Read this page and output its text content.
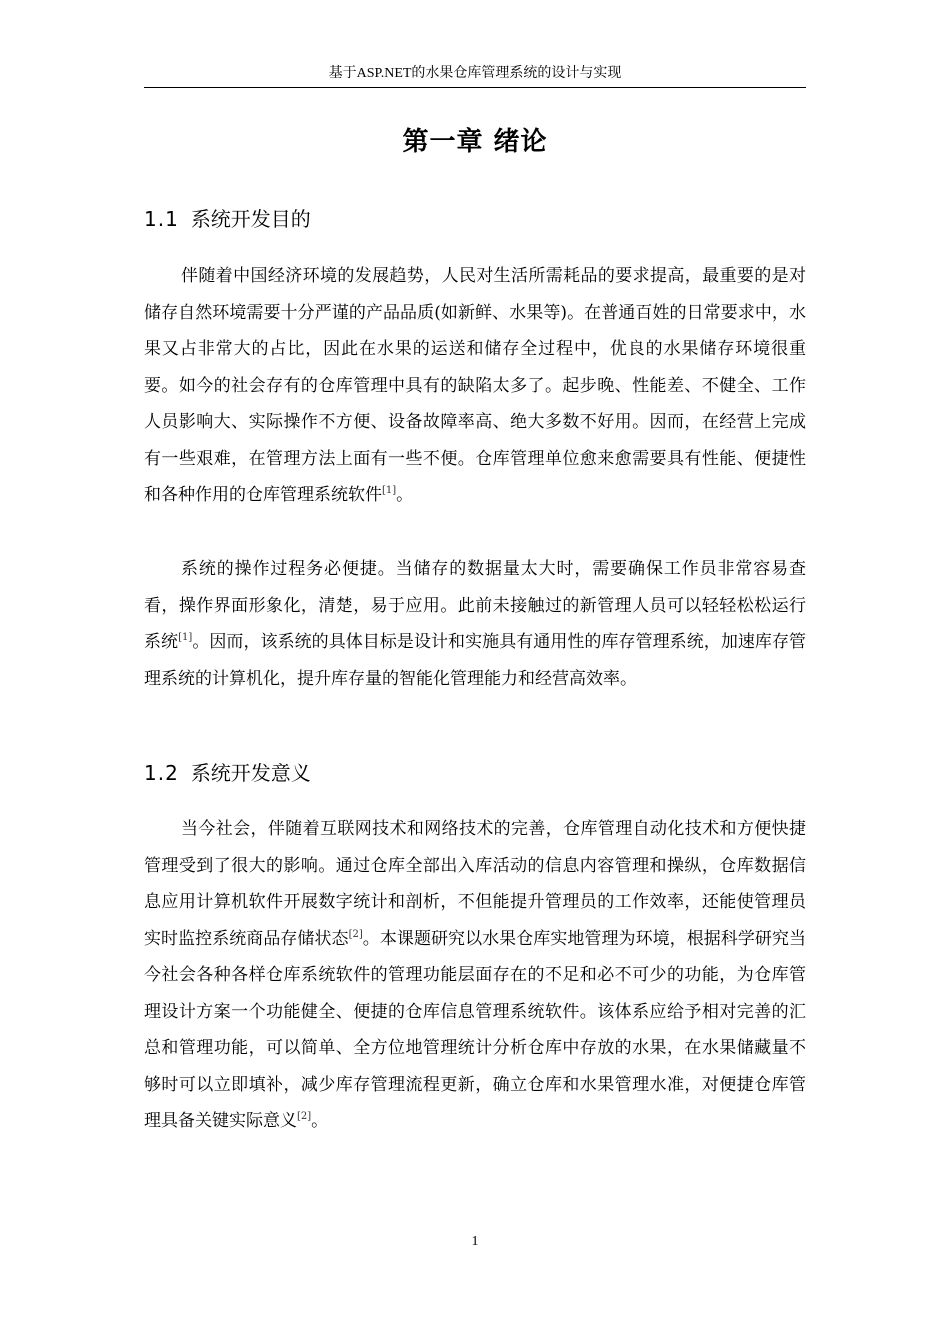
基于ASP.NET的水果仓库管理系统的设计与实现
第一章 绪论
1.1 系统开发目的

伴随着中国经济环境的发展趋势，人民对生活所需耗品的要求提高，最重要的是对储存自然环境需要十分严谨的产品品质(如新鲜、水果等)。在普通百姓的日常要求中，水果又占非常大的占比，因此在水果的运送和储存全过程中，优良的水果储存环境很重要。如今的社会存有的仓库管理中具有的缺陷太多了。起步晚、性能差、不健全、工作人员影响大、实际操作不方便、设备故障率高、绝大多数不好用。因而，在经营上完成有一些艰难，在管理方法上面有一些不便。仓库管理单位愈来愈需要具有性能、便捷性和各种作用的仓库管理系统软件[1]。

系统的操作过程务必便捷。当储存的数据量太大时，需要确保工作员非常容易查看，操作界面形象化，清楚，易于应用。此前未接触过的新管理人员可以轻轻松松运行系统[1]。因而，该系统的具体目标是设计和实施具有通用性的库存管理系统，加速库存管理系统的计算机化，提升库存量的智能化管理能力和经营高效率。

1.2 系统开发意义

当今社会，伴随着互联网技术和网络技术的完善，仓库管理自动化技术和方便快捷管理受到了很大的影响。通过仓库全部出入库活动的信息内容管理和操纵，仓库数据信息应用计算机软件开展数字统计和剖析，不但能提升管理员的工作效率，还能使管理员实时监控系统商品存储状态[2]。本课题研究以水果仓库实地管理为环境，根据科学研究当今社会各种各样仓库系统软件的管理功能层面存在的不足和必不可少的功能，为仓库管理设计方案一个功能健全、便捷的仓库信息管理系统软件。该体系应给予相对完善的汇总和管理功能，可以简单、全方位地管理统计分析仓库中存放的水果，在水果储藏量不够时可以立即填补，减少库存管理流程更新，确立仓库和水果管理水准，对便捷仓库管理具备关键实际意义[2]。

1
